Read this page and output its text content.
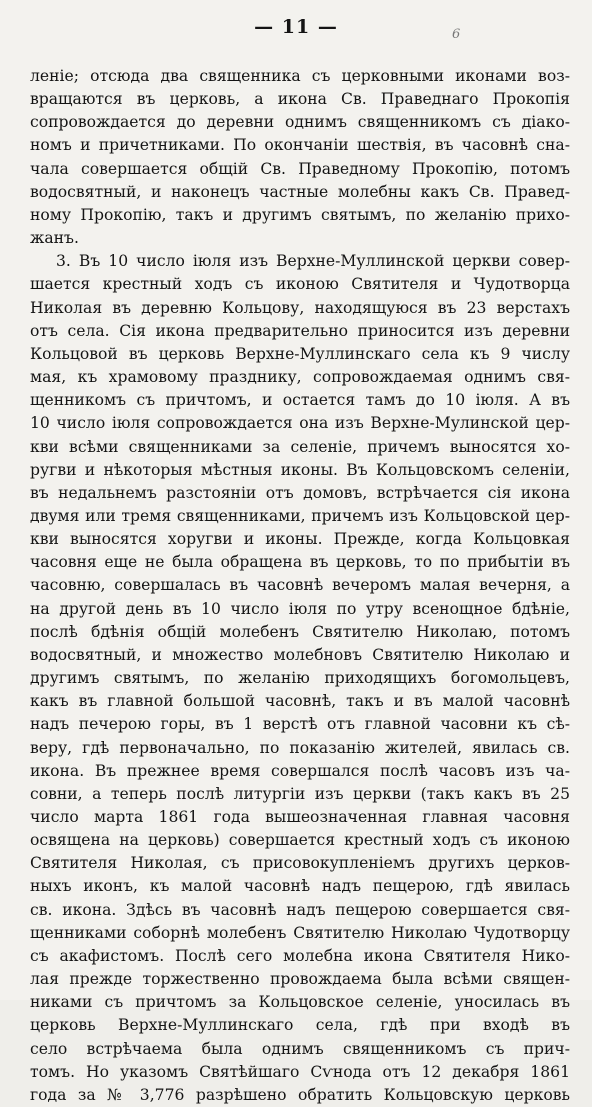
— 11 —	6
леніе; отсюда два священника съ церковными иконами воз-
вращаются въ церковь, а икона Св. Праведнаго Прокопія
сопровождается до деревни однимъ священникомъ съ діако-
номъ и причетниками. По окончаніи шествія, въ часовнѣ сна-
чала совершается общій Св. Праведному Прокопію, потомъ
водосвятный, и наконецъ частные молебны какъ Св. Правед-
ному Прокопію, такъ и другимъ святымъ, по желанію прихо-
жанъ.
3. Въ 10 число іюля изъ Верхне-Муллинской церкви совер-
шается крестный ходъ съ иконою Святителя и Чудотворца
Николая въ деревню Кольцову, находящуюся въ 23 верстахъ
отъ села. Сія икона предварительно приносится изъ деревни
Кольцовой въ церковь Верхне-Муллинскаго села къ 9 числу
мая, къ храмовому празднику, сопровождаемая однимъ свя-
щенникомъ съ причтомъ, и остается тамъ до 10 іюля. А въ
10 число іюля сопровождается она изъ Верхне-Мулинской цер-
кви всѣми священниками за селеніе, причемъ выносятся хо-
ругви и нѣкоторыя мѣстныя иконы. Въ Кольцовскомъ селеніи,
въ недальнемъ разстояніи отъ домовъ, встрѣчается сія икона
двумя или тремя священниками, причемъ изъ Кольцовской цер-
кви выносятся хоругви и иконы. Прежде, когда Кольцовкая
часовня еще не была обращена въ церковь, то по прибытіи въ
часовню, совершалась въ часовнѣ вечеромъ малая вечерня, а
на другой день въ 10 число іюля по утру всенощное бдѣніе,
послѣ бдѣнія общій молебенъ Святителю Николаю, потомъ
водосвятный, и множество молебновъ Святителю Николаю и
другимъ святымъ, по желанію приходящихъ богомольцевъ,
какъ въ главной большой часовнѣ, такъ и въ малой часовнѣ
надъ печерою горы, въ 1 верстѣ отъ главной часовни къ сѣ-
веру, гдѣ первоначально, по показанію жителей, явилась св.
икона. Въ прежнее время совершался послѣ часовъ изъ ча-
совни, а теперь послѣ литургіи изъ церкви (такъ какъ въ 25
число марта 1861 года вышеозначенная главная часовня
освящена на церковь) совершается крестный ходъ съ иконою
Святителя Николая, съ присовокупленіемъ другихъ церков-
ныхъ иконъ, къ малой часовнѣ надъ пещерою, гдѣ явилась
св. икона. Здѣсь въ часовнѣ надъ пещерою совершается свя-
щенниками соборнѣ молебенъ Святителю Николаю Чудотворцу
съ акафистомъ. Послѣ сего молебна икона Святителя Нико-
лая прежде торжественно провождаема была всѣми священ-
никами съ причтомъ за Кольцовское селеніе, уносилась въ
церковь Верхне-Муллинскаго села, гдѣ при входѣ въ
село встрѣчаема была однимъ священникомъ съ прич-
томъ. Но указомъ Святѣйшаго Сѵнода отъ 12 декабря 1861
года за № 3,776 разрѣшено обратить Кольцовскую церковь
